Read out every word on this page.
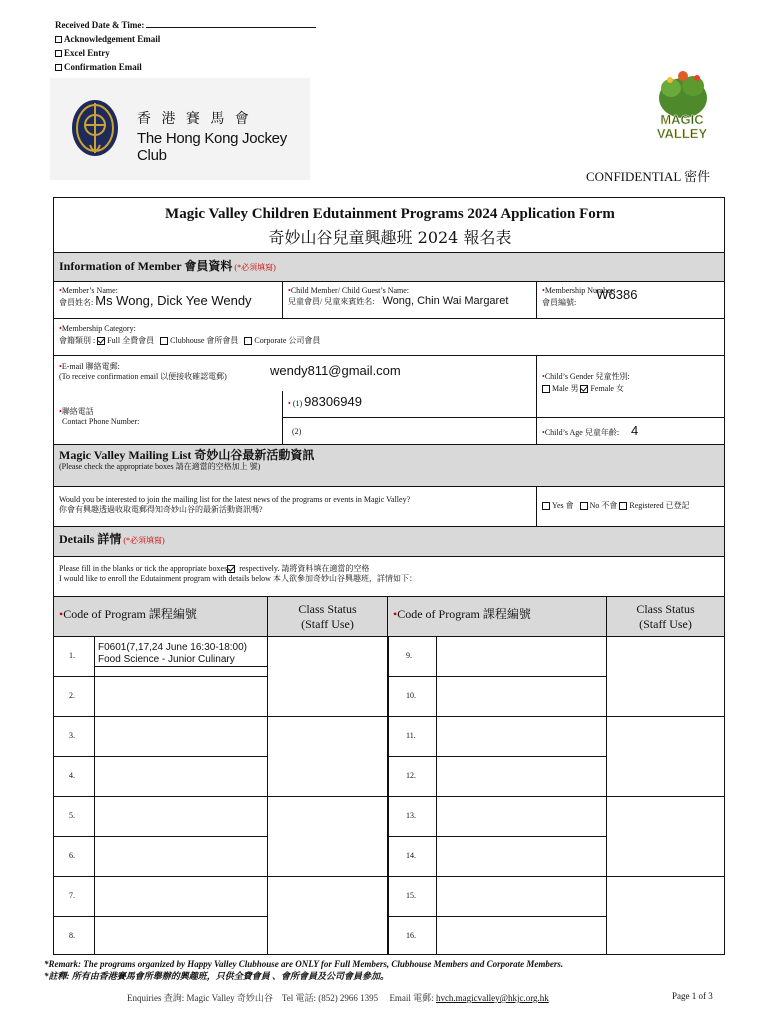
Received Date & Time:
Acknowledgement Email
Excel Entry
Confirmation Email
香 港 賽 馬 會
The Hong Kong Jockey Club
MAGIC
VALLEY
CONFIDENTIAL 密件
Magic Valley Children Edutainment Programs 2024 Application Form
奇妙山谷兒童興趣班 2024 報名表
Information of Member 會員資料 (*必須填寫)
•Member’s Name:
會員姓名: Ms Wong, Dick Yee Wendy
•Child Member/ Child Guest’s Name:
兒童會員/ 兒童來賓姓名: Wong, Chin Wai Margaret
•Membership Number:
會員編號: W6386
•Membership Category:
會籍類別 : Full 全費會員 Clubhouse 會所會員 Corporate 公司會員
•E-mail 聯絡電郵:
(To receive confirmation email 以便接收確認電郵)	wendy811@gmail.com	•Child’s Gender 兒童性別:
Male 男 Female 女
•聯絡電話
Contact Phone Number:
• (1) 98306949
(2)	•Child’s Age 兒童年齡: 4
Magic Valley Mailing List 奇妙山谷最新活動資訊
(Please check the appropriate boxes 請在適當的空格加上 號)
Would you be interested to join the mailing list for the latest news of the programs or events in Magic Valley?
你會有興趣透過收取電郵得知奇妙山谷的最新活動資訊嗎?	Yes 會 No 不會 Registered 已登記
Details 詳情 (*必須填寫)
Please fill in the blanks or tick the appropriate boxes respectively. 請將資料填在適當的空格
I would like to enroll the Edutainment program with details below 本人欲參加奇妙山谷興趣班，詳情如下：
•Code of Program 課程編號	Class Status
(Staff Use)
•Code of Program 課程編號	Class Status
(Staff Use)
1.
F0601(7,17,24 June 16:30-18:00)
Food Science - Junior Culinary
2.
3.
4.
5.
6.
7.
8.
9.
10.
11.
12.
13.
14.
15.
16.
*Remark: The programs organized by Happy Valley Clubhouse are ONLY for Full Members, Clubhouse Members and Corporate Members.
*註釋: 所有由香港賽馬會所舉辦的興趣班，只供全費會員 、會所會員及公司會員參加。
Enquiries 查詢: Magic Valley 奇妙山谷 Tel 電話: (852) 2966 1395 Email 電郵: hvch.magicvalley@hkjc.org.hk	Page 1 of 3
